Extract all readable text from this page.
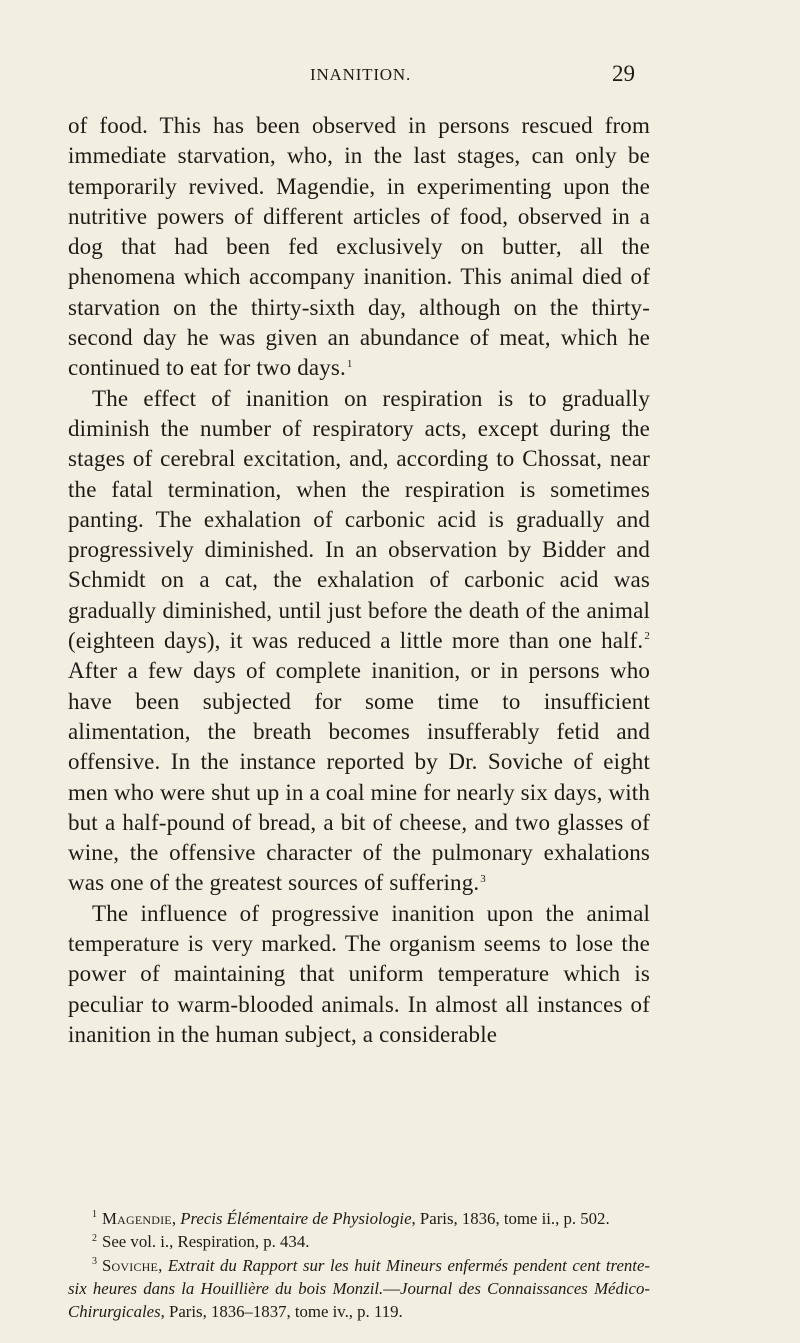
INANITION.	29

of food. This has been observed in persons rescued from immediate starvation, who, in the last stages, can only be temporarily revived. Magendie, in experimenting upon the nutritive powers of different articles of food, observed in a dog that had been fed exclusively on butter, all the phenomena which accompany inanition. This animal died of starvation on the thirty-sixth day, although on the thirty-second day he was given an abundance of meat, which he continued to eat for two days.$^1$

The effect of inanition on respiration is to gradually diminish the number of respiratory acts, except during the stages of cerebral excitation, and, according to Chossat, near the fatal termination, when the respiration is sometimes panting. The exhalation of carbonic acid is gradually and progressively diminished. In an observation by Bidder and Schmidt on a cat, the exhalation of carbonic acid was gradually diminished, until just before the death of the animal (eighteen days), it was reduced a little more than one half.$^2$ After a few days of complete inanition, or in persons who have been subjected for some time to insufficient alimentation, the breath becomes insufferably fetid and offensive. In the instance reported by Dr. Soviche of eight men who were shut up in a coal mine for nearly six days, with but a half-pound of bread, a bit of cheese, and two glasses of wine, the offensive character of the pulmonary exhalations was one of the greatest sources of suffering.$^3$

The influence of progressive inanition upon the animal temperature is very marked. The organism seems to lose the power of maintaining that uniform temperature which is peculiar to warm-blooded animals. In almost all instances of inanition in the human subject, a considerable

$^1$ Magendie, Precis Élémentaire de Physiologie, Paris, 1836, tome ii., p. 502.

$^2$ See vol. i., Respiration, p. 434.

$^3$ Soviche, Extrait du Rapport sur les huit Mineurs enfermés pendent cent trente-six heures dans la Houillière du bois Monzil.—Journal des Connaissances Médico-Chirurgicales, Paris, 1836–1837, tome iv., p. 119.
